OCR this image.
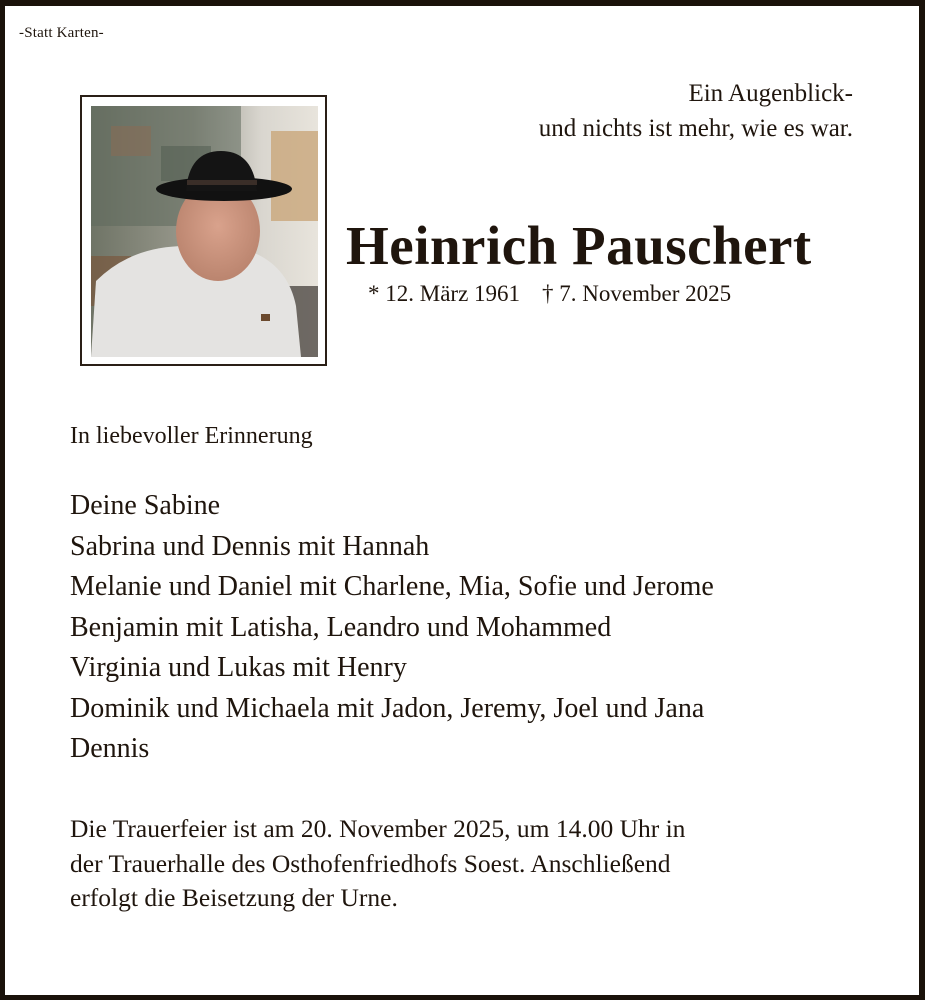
-Statt Karten-
Ein Augenblick-
und nichts ist mehr, wie es war.
Heinrich Pauschert
* 12. März 1961 † 7. November 2025
In liebevoller Erinnerung
Deine Sabine
Sabrina und Dennis mit Hannah
Melanie und Daniel mit Charlene, Mia, Sofie und Jerome
Benjamin mit Latisha, Leandro und Mohammed
Virginia und Lukas mit Henry
Dominik und Michaela mit Jadon, Jeremy, Joel und Jana
Dennis
Die Trauerfeier ist am 20. November 2025, um 14.00 Uhr in
der Trauerhalle des Osthofenfriedhofs Soest. Anschließend
erfolgt die Beisetzung der Urne.
